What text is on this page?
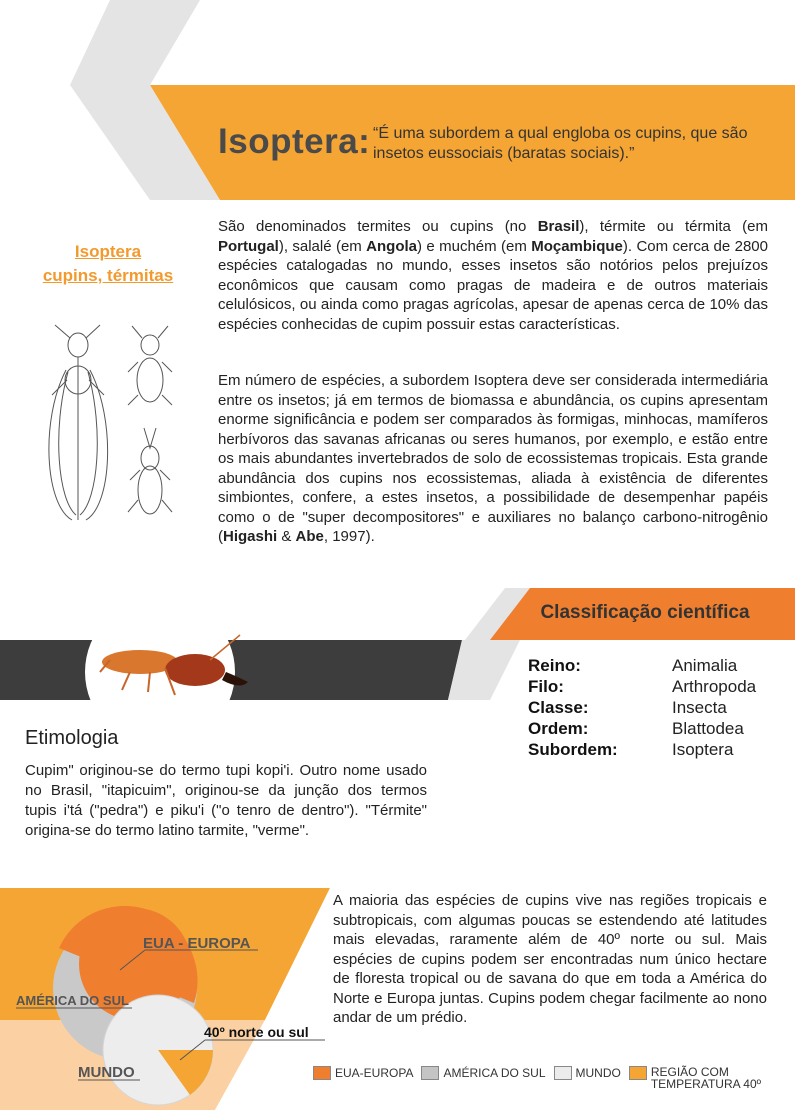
Isoptera: “É uma subordem a qual engloba os cupins, que são insetos eussociais (baratas sociais).”
Isoptera
cupins, térmitas
São denominados termites ou cupins (no Brasil), térmite ou térmita (em Portugal), salalé (em Angola) e muchém (em Moçambique). Com cerca de 2800 espécies catalogadas no mundo, esses insetos são notórios pelos prejuízos econômicos que causam como pragas de madeira e de outros materiais celulósicos, ou ainda como pragas agrícolas, apesar de apenas cerca de 10% das espécies conhecidas de cupim possuir estas características.
Em número de espécies, a subordem Isoptera deve ser considerada intermediária entre os insetos; já em termos de biomassa e abundância, os cupins apresentam enorme significância e podem ser comparados às formigas, minhocas, mamíferos herbívoros das savanas africanas ou seres humanos, por exemplo, e estão entre os mais abundantes invertebrados de solo de ecossistemas tropicais. Esta grande abundância dos cupins nos ecossistemas, aliada à existência de diferentes simbiontes, confere, a estes insetos, a possibilidade de desempenhar papéis como o de "super decompositores" e auxiliares no balanço carbono-nitrogênio (Higashi & Abe, 1997).
Classificação científica
Reino:	Animalia
Filo:	Arthropoda
Classe:	Insecta
Ordem:	Blattodea
Subordem:	Isoptera
Etimologia
Cupim" originou-se do termo tupi kopi'i. Outro nome usado no Brasil, "itapicuim", originou-se da junção dos termos tupis i'tá ("pedra") e piku'i ("o tenro de dentro"). "Térmite" origina-se do termo latino tarmite, "verme".
A maioria das espécies de cupins vive nas regiões tropicais e subtropicais, com algumas poucas se estendendo até latitudes mais elevadas, raramente além de 40º norte ou sul. Mais espécies de cupins podem ser encontradas num único hectare de floresta tropical ou de savana do que em toda a América do Norte e Europa juntas. Cupins podem chegar facilmente ao nono andar de um prédio.
EUA - EUROPA
AMÉRICA DO SUL
40º norte ou sul
MUNDO	EUA-EUROPA	AMÉRICA DO SUL	MUNDO	REGIÃO COM TEMPERATURA 40º
